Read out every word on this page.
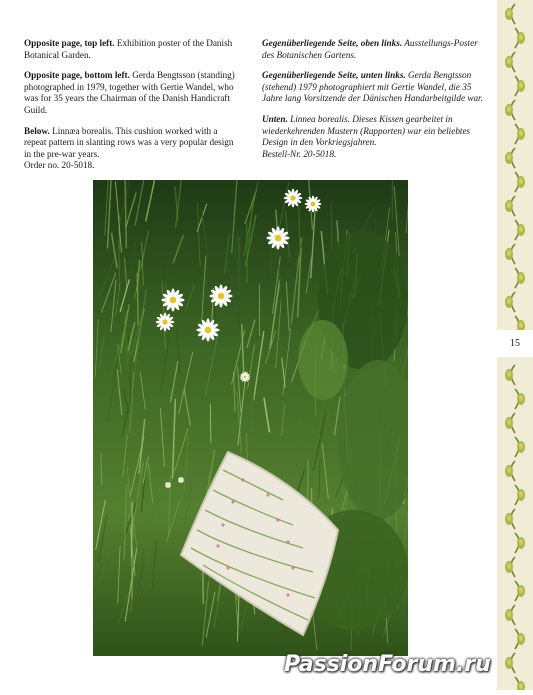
Opposite page, top left. Exhibition poster of the Danish Botanical Garden.

Opposite page, bottom left. Gerda Bengtsson (standing) photographed in 1979, together with Gertie Wandel, who was for 35 years the Chairman of the Danish Handicraft Guild.

Below. Linnæa borealis. This cushion worked with a repeat pattern in slanting rows was a very popular design in the pre-war years.
Order no. 20-5018.

Gegenüberliegende Seite, oben links. Ausstellungs-Poster des Botanischen Gartens.

Gegenüberliegende Seite, unten links. Gerda Bengtsson (stehend) 1979 photographiert mit Gertie Wandel, die 35 Jahre lang Vorsitzende der Dänischen Handarbeitgilde war.

Unten. Linnea borealis. Dieses Kissen gearbeitet in wiederkehrenden Mustern (Rapporten) war ein beliebtes Design in den Vorkriegsjahren.
Bestell-Nr. 20-5018.

15
PassionForum.ru
